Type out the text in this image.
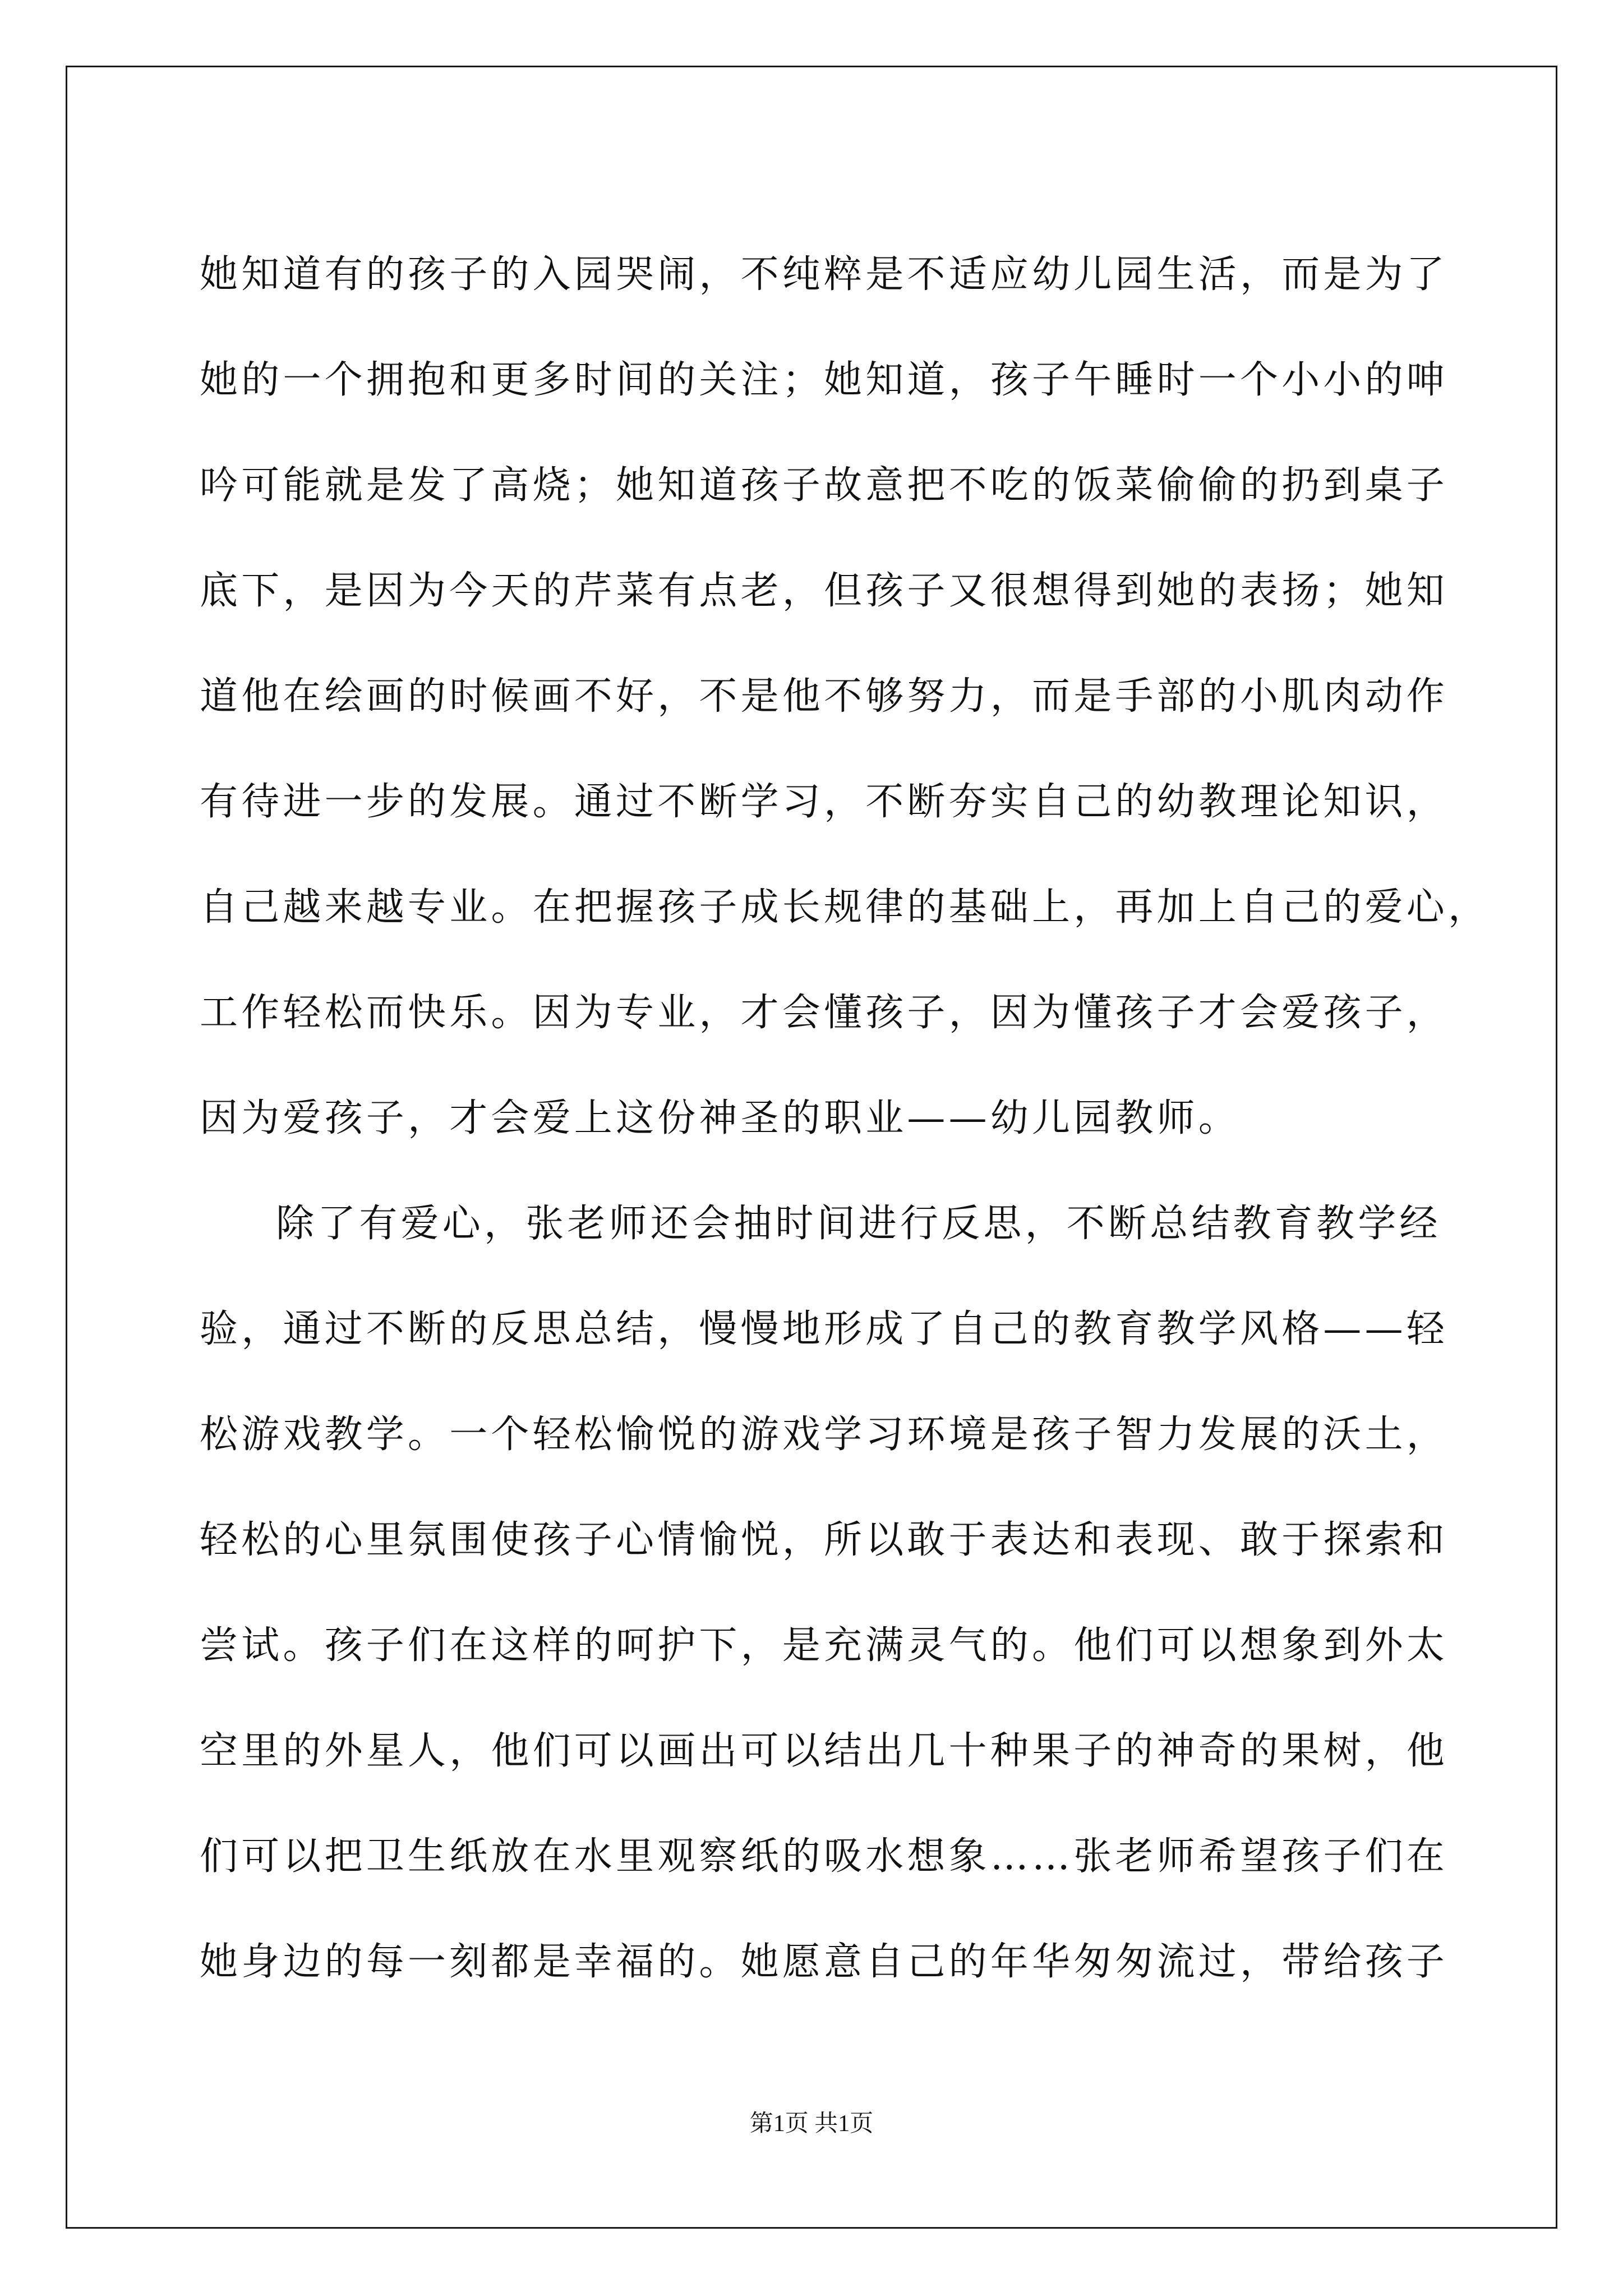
她知道有的孩子的入园哭闹，不纯粹是不适应幼儿园生活，而是为了
她的一个拥抱和更多时间的关注；她知道，孩子午睡时一个小小的呻
吟可能就是发了高烧；她知道孩子故意把不吃的饭菜偷偷的扔到桌子
底下，是因为今天的芹菜有点老，但孩子又很想得到她的表扬；她知
道他在绘画的时候画不好，不是他不够努力，而是手部的小肌肉动作
有待进一步的发展。通过不断学习，不断夯实自己的幼教理论知识，
自己越来越专业。在把握孩子成长规律的基础上，再加上自己的爱心，
工作轻松而快乐。因为专业，才会懂孩子，因为懂孩子才会爱孩子，
因为爱孩子，才会爱上这份神圣的职业——幼儿园教师。
除了有爱心，张老师还会抽时间进行反思，不断总结教育教学经
验，通过不断的反思总结，慢慢地形成了自己的教育教学风格——轻
松游戏教学。一个轻松愉悦的游戏学习环境是孩子智力发展的沃土，
轻松的心里氛围使孩子心情愉悦，所以敢于表达和表现、敢于探索和
尝试。孩子们在这样的呵护下，是充满灵气的。他们可以想象到外太
空里的外星人，他们可以画出可以结出几十种果子的神奇的果树，他
们可以把卫生纸放在水里观察纸的吸水想象……张老师希望孩子们在
她身边的每一刻都是幸福的。她愿意自己的年华匆匆流过，带给孩子
第1页 共1页
